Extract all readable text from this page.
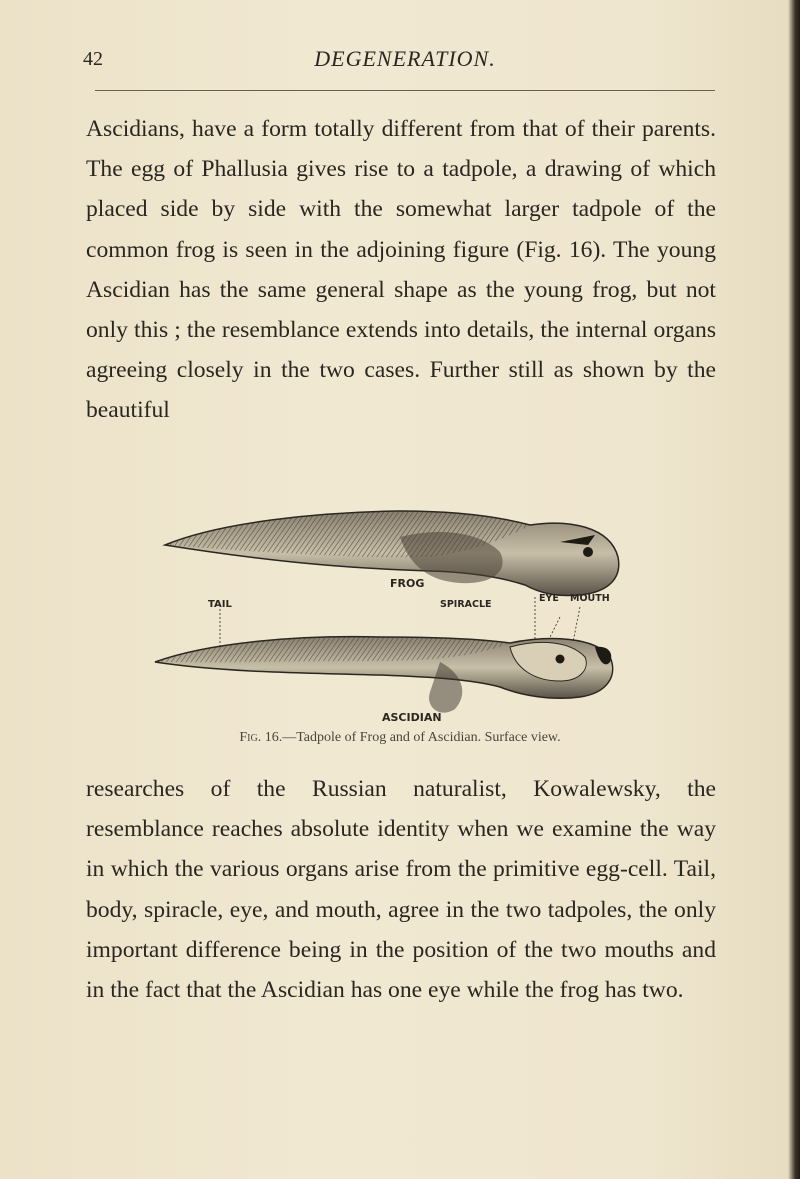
42	DEGENERATION.

Ascidians, have a form totally different from that of their parents. The egg of Phallusia gives rise to a tadpole, a drawing of which placed side by side with the somewhat larger tadpole of the common frog is seen in the adjoining figure (Fig. 16). The young Ascidian has the same general shape as the young frog, but not only this ; the resemblance extends into details, the internal organs agreeing closely in the two cases. Further still as shown by the beautiful

FROG
TAIL	SPIRACLE
EYE MOUTH
ASCIDIAN
Fig. 16.—Tadpole of Frog and of Ascidian. Surface view.

researches of the Russian naturalist, Kowalewsky, the resemblance reaches absolute identity when we examine the way in which the various organs arise from the primitive egg-cell. Tail, body, spiracle, eye, and mouth, agree in the two tadpoles, the only important difference being in the position of the two mouths and in the fact that the Ascidian has one eye while the frog has two.
